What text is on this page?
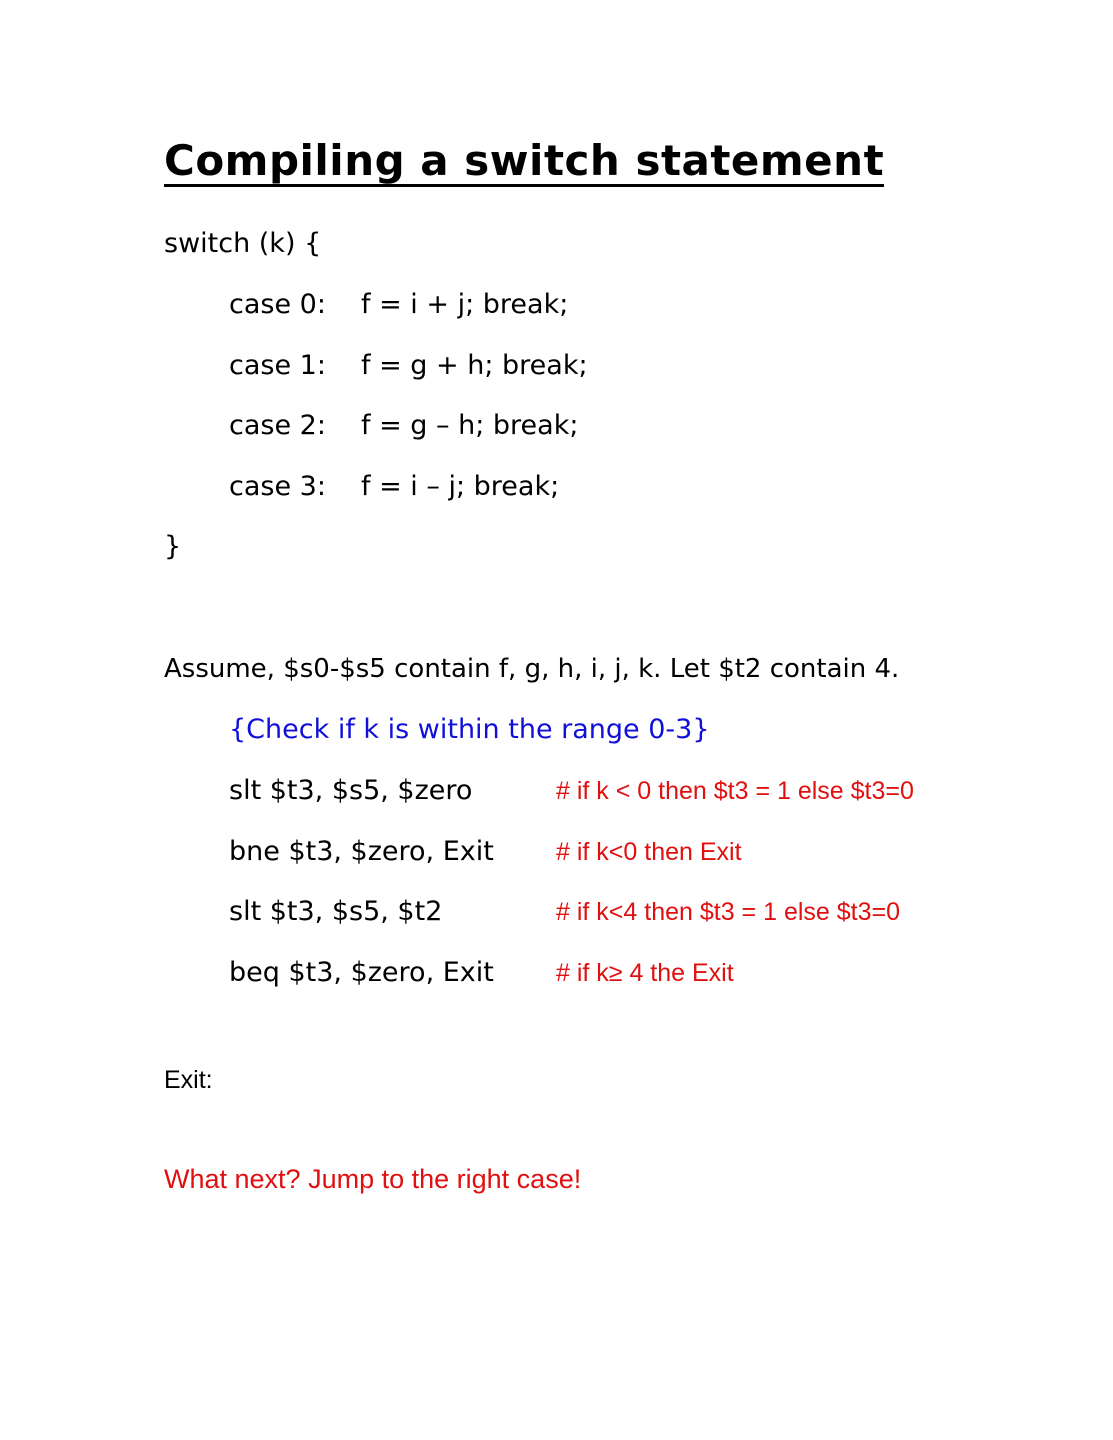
Compiling a switch statement
switch (k) {
case 0: f = i + j; break;
case 1: f = g + h; break;
case 2: f = g – h; break;
case 3: f = i – j; break;
}
Assume, $s0-$s5 contain f, g, h, i, j, k. Let $t2 contain 4.
{Check if k is within the range 0-3}
slt $t3, $s5, $zero	# if k < 0 then $t3 = 1 else $t3=0
bne $t3, $zero, Exit # if k<0 then Exit
slt $t3, $s5, $t2	# if k<4 then $t3 = 1 else $t3=0
beq $t3, $zero, Exit # if k≥ 4 the Exit
Exit:
What next? Jump to the right case!
